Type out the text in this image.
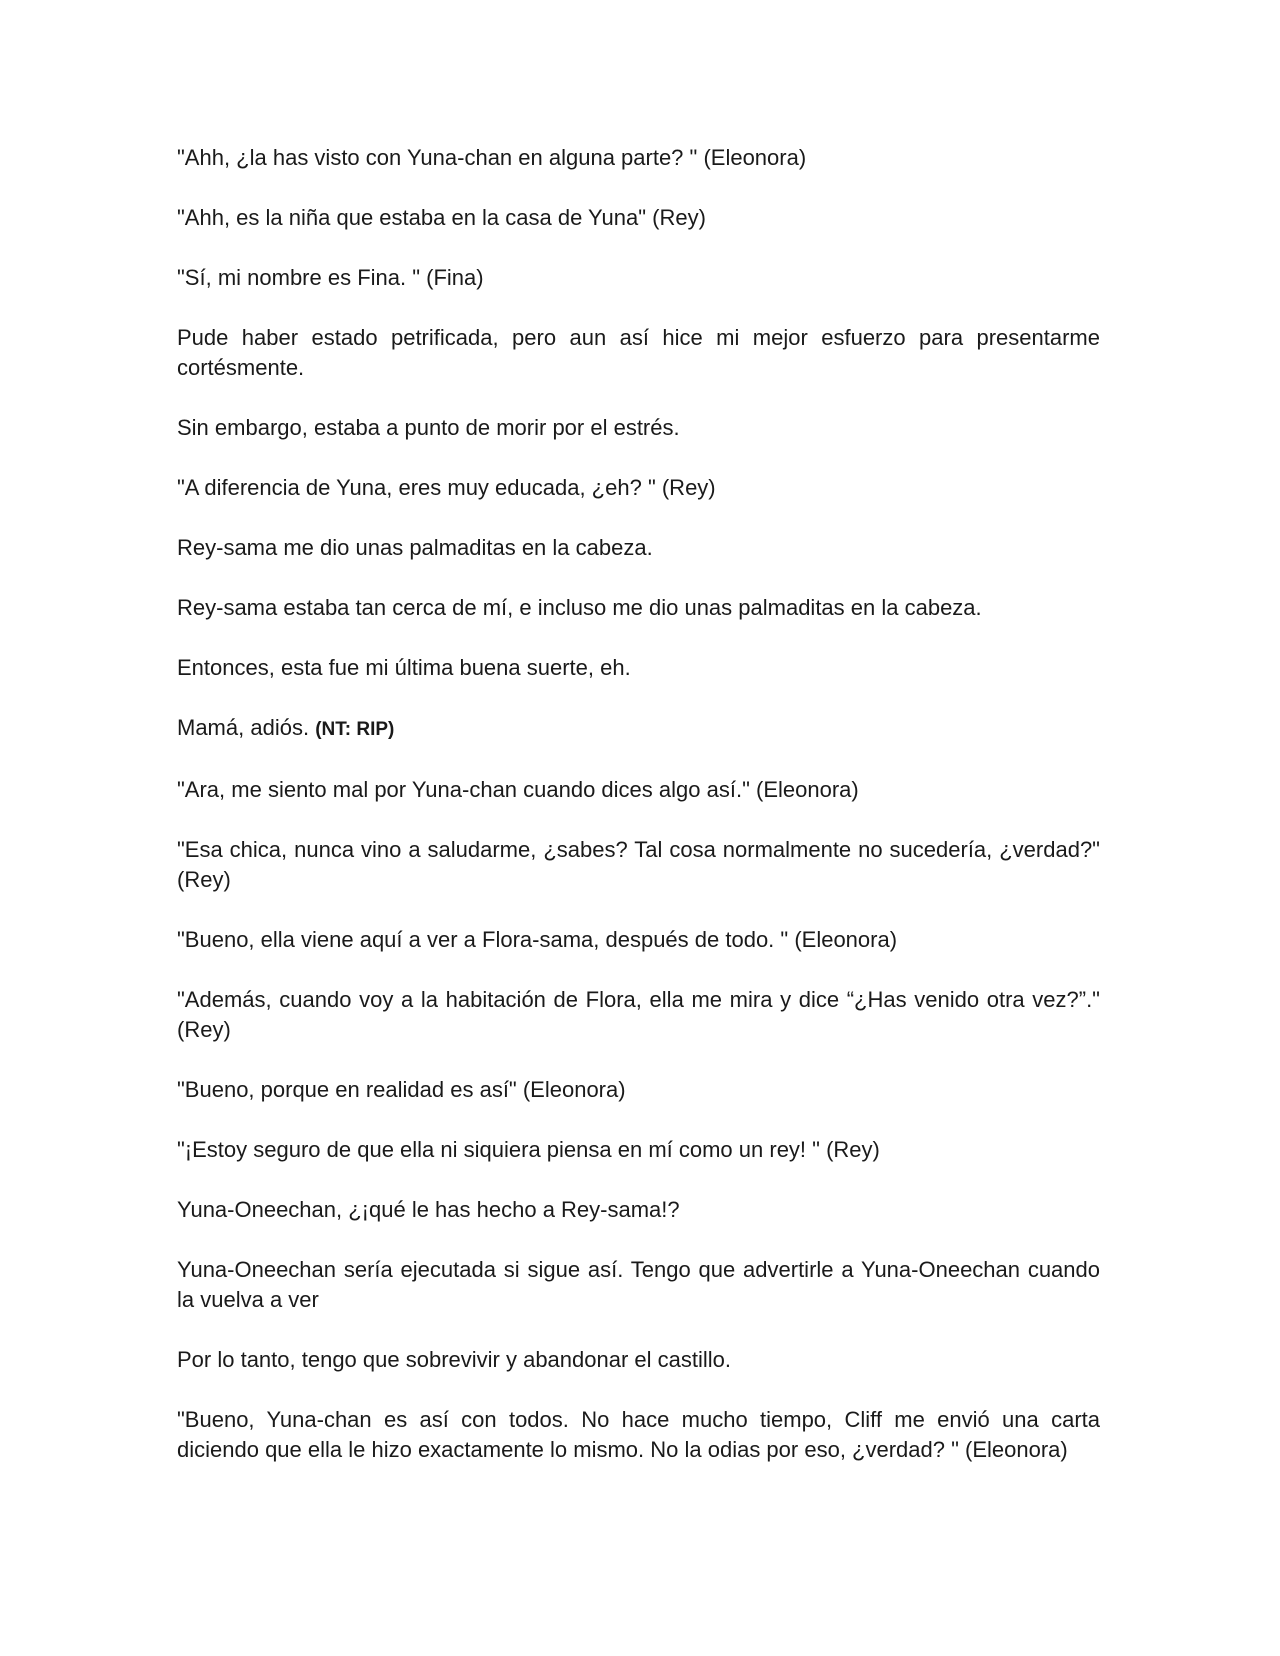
"Ahh, ¿la has visto con Yuna-chan en alguna parte? " (Eleonora)

"Ahh, es la niña que estaba en la casa de Yuna" (Rey)

"Sí, mi nombre es Fina. " (Fina)

Pude haber estado petrificada, pero aun así hice mi mejor esfuerzo para presentarme cortésmente.

Sin embargo, estaba a punto de morir por el estrés.

"A diferencia de Yuna, eres muy educada, ¿eh? " (Rey)

Rey-sama me dio unas palmaditas en la cabeza.

Rey-sama estaba tan cerca de mí, e incluso me dio unas palmaditas en la cabeza.

Entonces, esta fue mi última buena suerte, eh.

Mamá, adiós. (NT: RIP)

"Ara, me siento mal por Yuna-chan cuando dices algo así." (Eleonora)

"Esa chica, nunca vino a saludarme, ¿sabes? Tal cosa normalmente no sucedería, ¿verdad?" (Rey)

"Bueno, ella viene aquí a ver a Flora-sama, después de todo. " (Eleonora)

"Además, cuando voy a la habitación de Flora, ella me mira y dice “¿Has venido otra vez?”." (Rey)

"Bueno, porque en realidad es así" (Eleonora)

"¡Estoy seguro de que ella ni siquiera piensa en mí como un rey! " (Rey)

Yuna-Oneechan, ¿¡qué le has hecho a Rey-sama!?

Yuna-Oneechan sería ejecutada si sigue así. Tengo que advertirle a Yuna-Oneechan cuando la vuelva a ver

Por lo tanto, tengo que sobrevivir y abandonar el castillo.

"Bueno, Yuna-chan es así con todos. No hace mucho tiempo, Cliff me envió una carta diciendo que ella le hizo exactamente lo mismo. No la odias por eso, ¿verdad? " (Eleonora)
